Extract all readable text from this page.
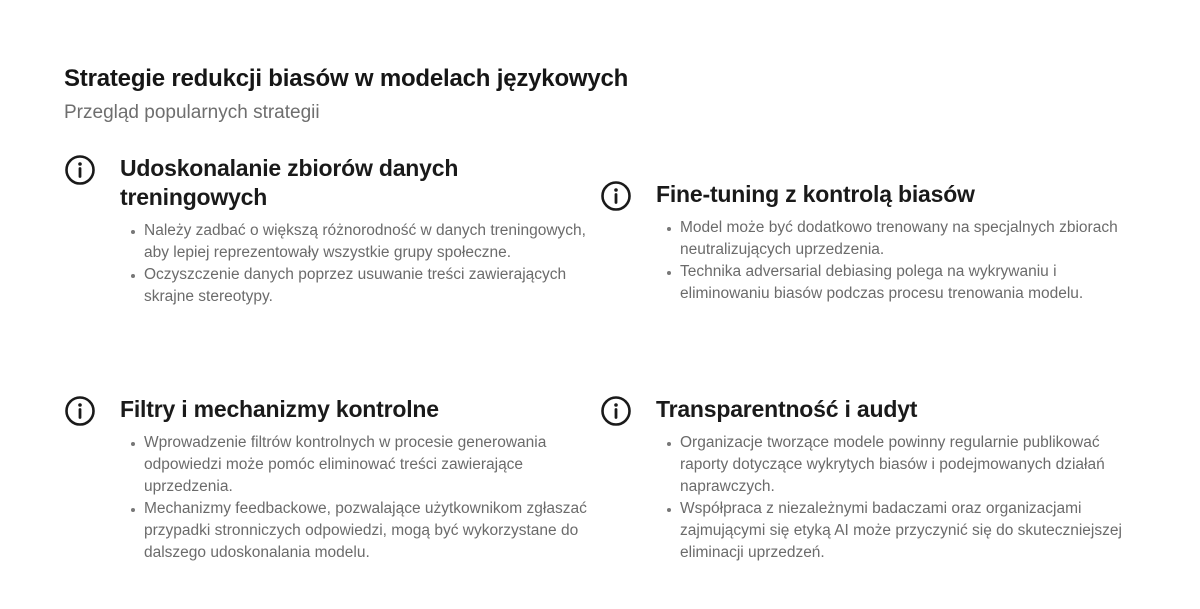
Strategie redukcji biasów w modelach językowych

Przegląd popularnych strategii

Udoskonalanie zbiorów danych treningowych
Należy zadbać o większą różnorodność w danych treningowych, aby lepiej reprezentowały wszystkie grupy społeczne.
Oczyszczenie danych poprzez usuwanie treści zawierających skrajne stereotypy.
Fine-tuning z kontrolą biasów
Model może być dodatkowo trenowany na specjalnych zbiorach neutralizujących uprzedzenia.
Technika adversarial debiasing polega na wykrywaniu i eliminowaniu biasów podczas procesu trenowania modelu.
Filtry i mechanizmy kontrolne
Wprowadzenie filtrów kontrolnych w procesie generowania odpowiedzi może pomóc eliminować treści zawierające uprzedzenia.
Mechanizmy feedbackowe, pozwalające użytkownikom zgłaszać przypadki stronniczych odpowiedzi, mogą być wykorzystane do dalszego udoskonalania modelu.
Transparentność i audyt
Organizacje tworzące modele powinny regularnie publikować raporty dotyczące wykrytych biasów i podejmowanych działań naprawczych.
Współpraca z niezależnymi badaczami oraz organizacjami zajmującymi się etyką AI może przyczynić się do skuteczniejszej eliminacji uprzedzeń.
